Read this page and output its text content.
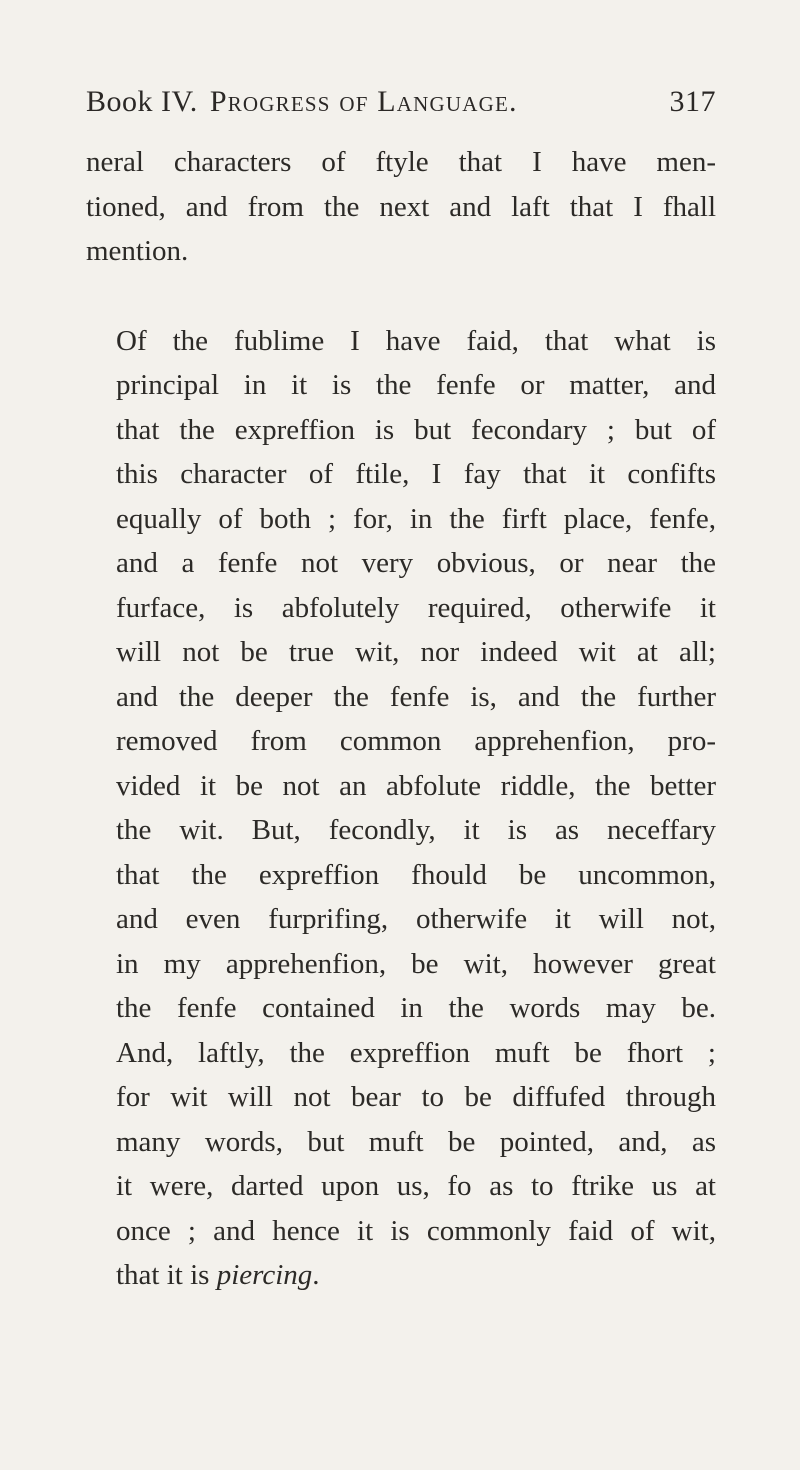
Book IV. Progress of Language.	317

neral characters of ftyle that I have men-
tioned, and from the next and laft that I fhall
mention.

Of the fublime I have faid, that what is
principal in it is the fenfe or matter, and
that the expreffion is but fecondary ; but of
this character of ftile, I fay that it confifts
equally of both ; for, in the firft place, fenfe,
and a fenfe not very obvious, or near the
furface, is abfolutely required, otherwife it
will not be true wit, nor indeed wit at all;
and the deeper the fenfe is, and the further
removed from common apprehenfion, pro-
vided it be not an abfolute riddle, the better
the wit. But, fecondly, it is as neceffary
that the expreffion fhould be uncommon,
and even furprifing, otherwife it will not,
in my apprehenfion, be wit, however great
the fenfe contained in the words may be.
And, laftly, the expreffion muft be fhort ;
for wit will not bear to be diffufed through
many words, but muft be pointed, and, as
it were, darted upon us, fo as to ftrike us at
once ; and hence it is commonly faid of wit,
that it is piercing.
